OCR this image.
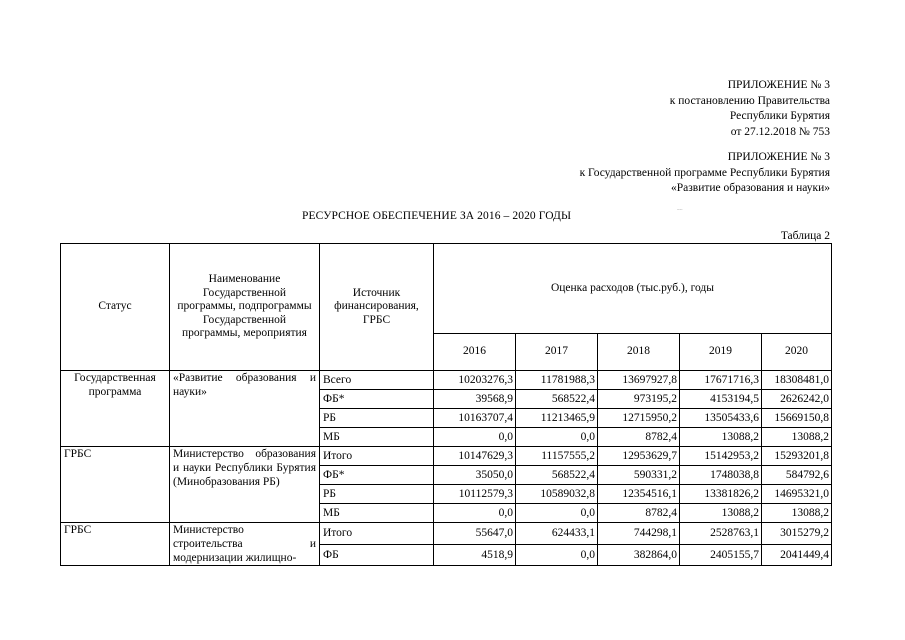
ПРИЛОЖЕНИЕ № 3
к постановлению Правительства
Республики Бурятия
от 27.12.2018 № 753
ПРИЛОЖЕНИЕ № 3
к Государственной программе Республики Бурятия
«Развитие образования и науки»
РЕСУРСНОЕ ОБЕСПЕЧЕНИЕ ЗА 2016 – 2020 ГОДЫ	~~
Таблица 2
Статус	Наименование Государственной программы, подпрограммы Государственной программы, мероприятия	Источник финансирования, ГРБС	Оценка расходов (тыс.руб.), годы				
			2016	2017	2018	2019	2020
Государственная программа	«Развитие образования и науки»	Всего	10203276,3	11781988,3	13697927,8	17671716,3	18308481,0
		ФБ*	39568,9	568522,4	973195,2	4153194,5	2626242,0
		РБ	10163707,4	11213465,9	12715950,2	13505433,6	15669150,8
		МБ	0,0	0,0	8782,4	13088,2	13088,2
ГРБС	Министерство образования и науки Республики Бурятия (Минобразования РБ)	Итого	10147629,3	11157555,2	12953629,7	15142953,2	15293201,8
		ФБ*	35050,0	568522,4	590331,2	1748038,8	584792,6
		РБ	10112579,3	10589032,8	12354516,1	13381826,2	14695321,0
		МБ	0,0	0,0	8782,4	13088,2	13088,2
ГРБС	Министерство строительства и модернизации жилищно-	Итого	55647,0	624433,1	744298,1	2528763,1	3015279,2
		ФБ	4518,9	0,0	382864,0	2405155,7	2041449,4
